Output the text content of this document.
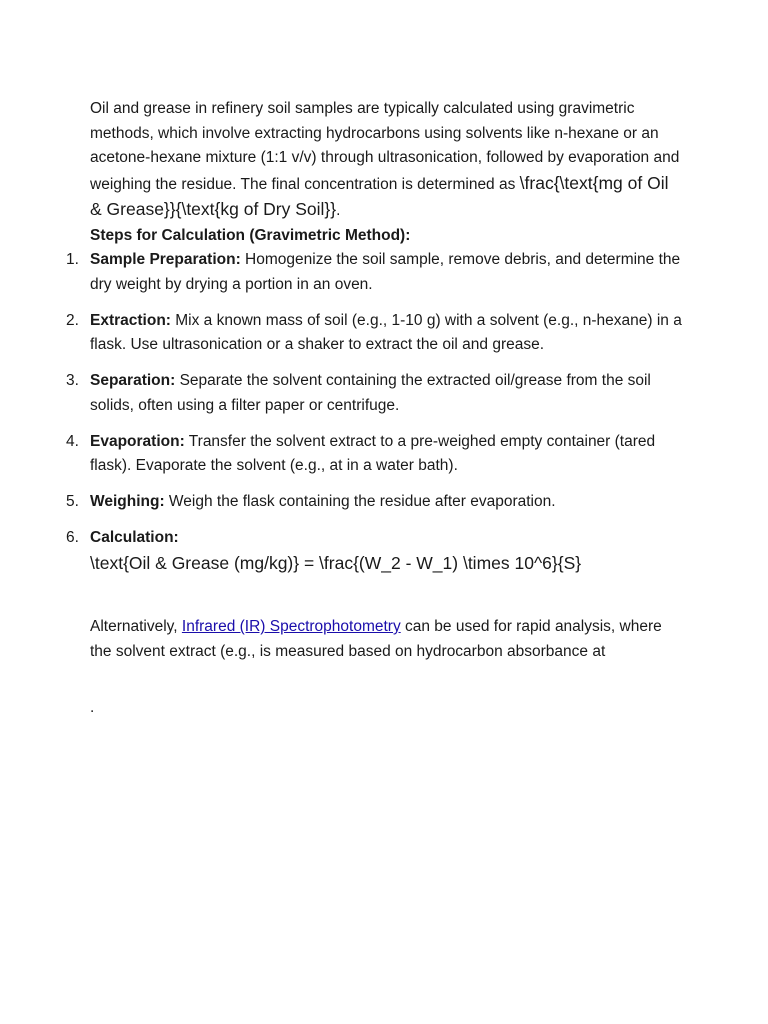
Oil and grease in refinery soil samples are typically calculated using gravimetric methods, which involve extracting hydrocarbons using solvents like n-hexane or an acetone-hexane mixture (1:1 v/v) through ultrasonication, followed by evaporation and weighing the residue. The final concentration is determined as \frac{\text{mg of Oil & Grease}}{\text{kg of Dry Soil}}.

Steps for Calculation (Gravimetric Method):

1. Sample Preparation: Homogenize the soil sample, remove debris, and determine the dry weight by drying a portion in an oven.
2. Extraction: Mix a known mass of soil (e.g., 1-10 g) with a solvent (e.g., n-hexane) in a flask. Use ultrasonication or a shaker to extract the oil and grease.
3. Separation: Separate the solvent containing the extracted oil/grease from the soil solids, often using a filter paper or centrifuge.
4. Evaporation: Transfer the solvent extract to a pre-weighed empty container (tared flask). Evaporate the solvent (e.g., at in a water bath).
5. Weighing: Weigh the flask containing the residue after evaporation.
6. Calculation:
\text{Oil & Grease (mg/kg)} = \frac{(W_2 - W_1) \times 10^6}{S}

Alternatively, Infrared (IR) Spectrophotometry can be used for rapid analysis, where the solvent extract (e.g., is measured based on hydrocarbon absorbance at

.
